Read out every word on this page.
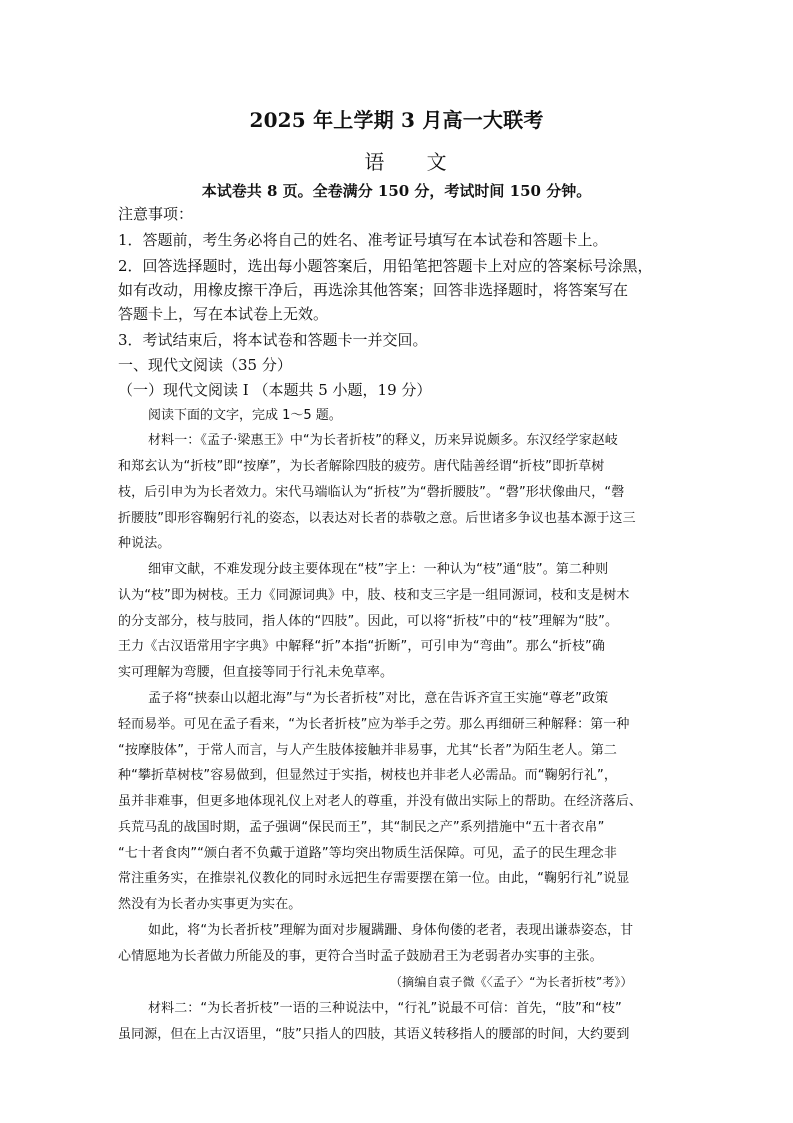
2025 年上学期 3 月高一大联考
语 文
本试卷共 8 页。全卷满分 150 分，考试时间 150 分钟。
注意事项：
1．答题前，考生务必将自己的姓名、准考证号填写在本试卷和答题卡上。
2．回答选择题时，选出每小题答案后，用铅笔把答题卡上对应的答案标号涂黑，
如有改动，用橡皮擦干净后，再选涂其他答案；回答非选择题时，将答案写在
答题卡上，写在本试卷上无效。
3．考试结束后，将本试卷和答题卡一并交回。
一、现代文阅读（35 分）
（一）现代文阅读 I （本题共 5 小题，19 分）
阅读下面的文字，完成 1～5 题。
材料一：《孟子·梁惠王》中“为长者折枝”的释义，历来异说颇多。东汉经学家赵岐
和郑玄认为“折枝”即“按摩”，为长者解除四肢的疲劳。唐代陆善经谓“折枝”即折草树
枝，后引申为为长者效力。宋代马端临认为“折枝”为“磬折腰肢”。“磬”形状像曲尺，“磬
折腰肢”即形容鞠躬行礼的姿态，以表达对长者的恭敬之意。后世诸多争议也基本源于这三
种说法。
细审文献，不难发现分歧主要体现在“枝”字上：一种认为“枝”通“肢”。第二种则
认为“枝”即为树枝。王力《同源词典》中，肢、枝和支三字是一组同源词，枝和支是树木
的分支部分，枝与肢同，指人体的“四肢”。因此，可以将“折枝”中的“枝”理解为“肢”。
王力《古汉语常用字字典》中解释“折”本指“折断”，可引申为“弯曲”。那么“折枝”确
实可理解为弯腰，但直接等同于行礼未免草率。
孟子将“挟泰山以超北海”与“为长者折枝”对比，意在告诉齐宣王实施“尊老”政策
轻而易举。可见在孟子看来，“为长者折枝”应为举手之劳。那么再细研三种解释：第一种
“按摩肢体”，于常人而言，与人产生肢体接触并非易事，尤其“长者”为陌生老人。第二
种“攀折草树枝”容易做到，但显然过于实指，树枝也并非老人必需品。而“鞠躬行礼”，
虽并非难事，但更多地体现礼仪上对老人的尊重，并没有做出实际上的帮助。在经济落后、
兵荒马乱的战国时期，孟子强调“保民而王”，其“制民之产”系列措施中“五十者衣帛”
“七十者食肉”“颁白者不负戴于道路”等均突出物质生活保障。可见，孟子的民生理念非
常注重务实，在推崇礼仪教化的同时永远把生存需要摆在第一位。由此，“鞠躬行礼”说显
然没有为长者办实事更为实在。
如此，将“为长者折枝”理解为面对步履蹒跚、身体佝偻的老者，表现出谦恭姿态，甘
心情愿地为长者做力所能及的事，更符合当时孟子鼓励君王为老弱者办实事的主张。
（摘编自袁子微《〈孟子〉“为长者折枝”考》）
材料二：“为长者折枝”一语的三种说法中，“行礼”说最不可信：首先，“肢”和“枝”
虽同源，但在上古汉语里，“肢”只指人的四肢，其语义转移指人的腰部的时间，大约要到
